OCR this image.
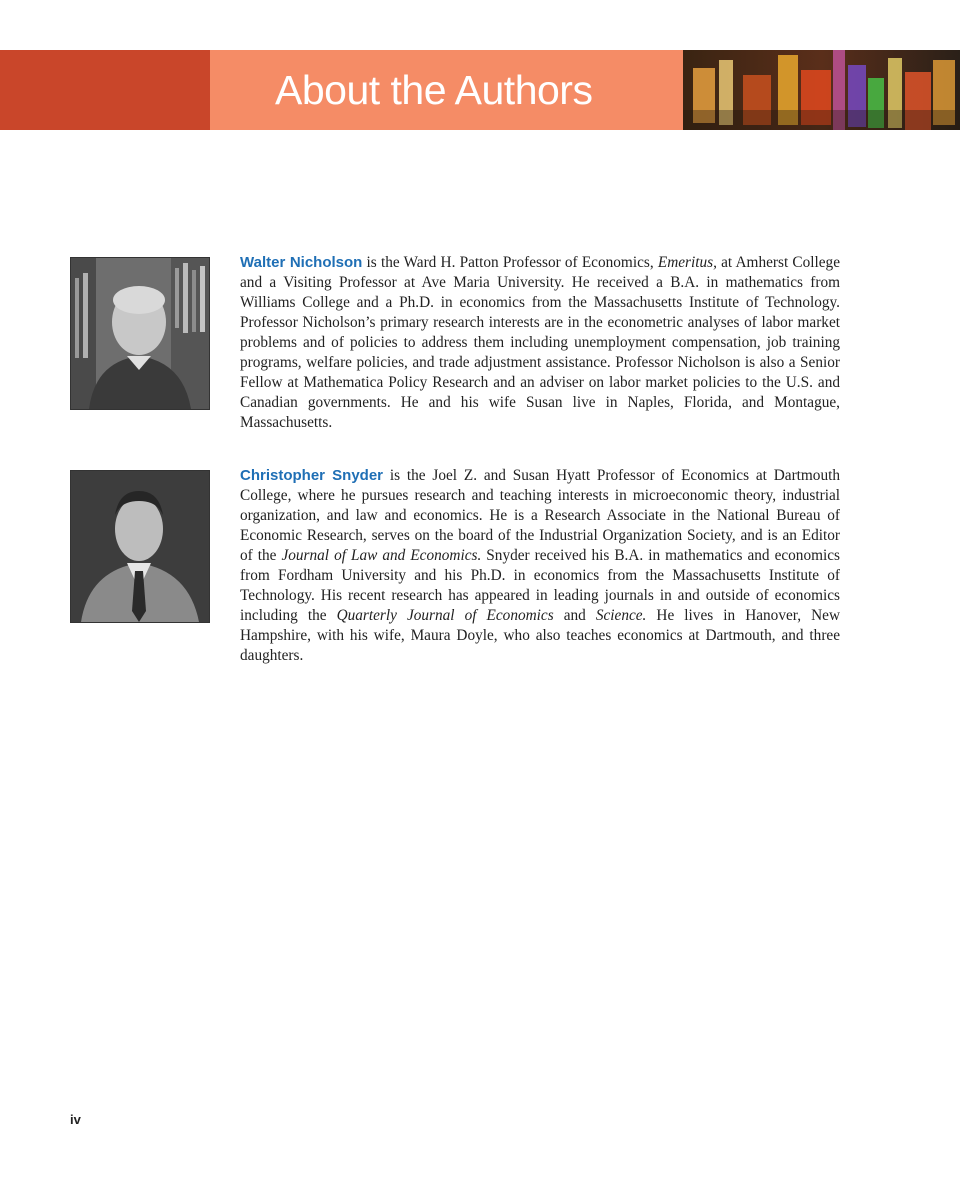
About the Authors
Walter Nicholson is the Ward H. Patton Professor of Economics, Emeritus, at Amherst College and a Visiting Professor at Ave Maria University. He received a B.A. in mathematics from Williams College and a Ph.D. in economics from the Massachusetts Institute of Technology. Professor Nicholson’s primary research interests are in the econometric analyses of labor market problems and of policies to address them including unemployment compensation, job training programs, welfare policies, and trade adjustment assistance. Professor Nicholson is also a Senior Fellow at Mathematica Policy Research and an adviser on labor market policies to the U.S. and Canadian governments. He and his wife Susan live in Naples, Florida, and Montague, Massachusetts.
Christopher Snyder is the Joel Z. and Susan Hyatt Professor of Economics at Dartmouth College, where he pursues research and teaching interests in microeconomic theory, industrial organization, and law and economics. He is a Research Associate in the National Bureau of Economic Research, serves on the board of the Industrial Organization Society, and is an Editor of the Journal of Law and Economics. Snyder received his B.A. in mathematics and economics from Fordham University and his Ph.D. in economics from the Massachusetts Institute of Technology. His recent research has appeared in leading journals in and outside of economics including the Quarterly Journal of Economics and Science. He lives in Hanover, New Hampshire, with his wife, Maura Doyle, who also teaches economics at Dartmouth, and three daughters.
iv
